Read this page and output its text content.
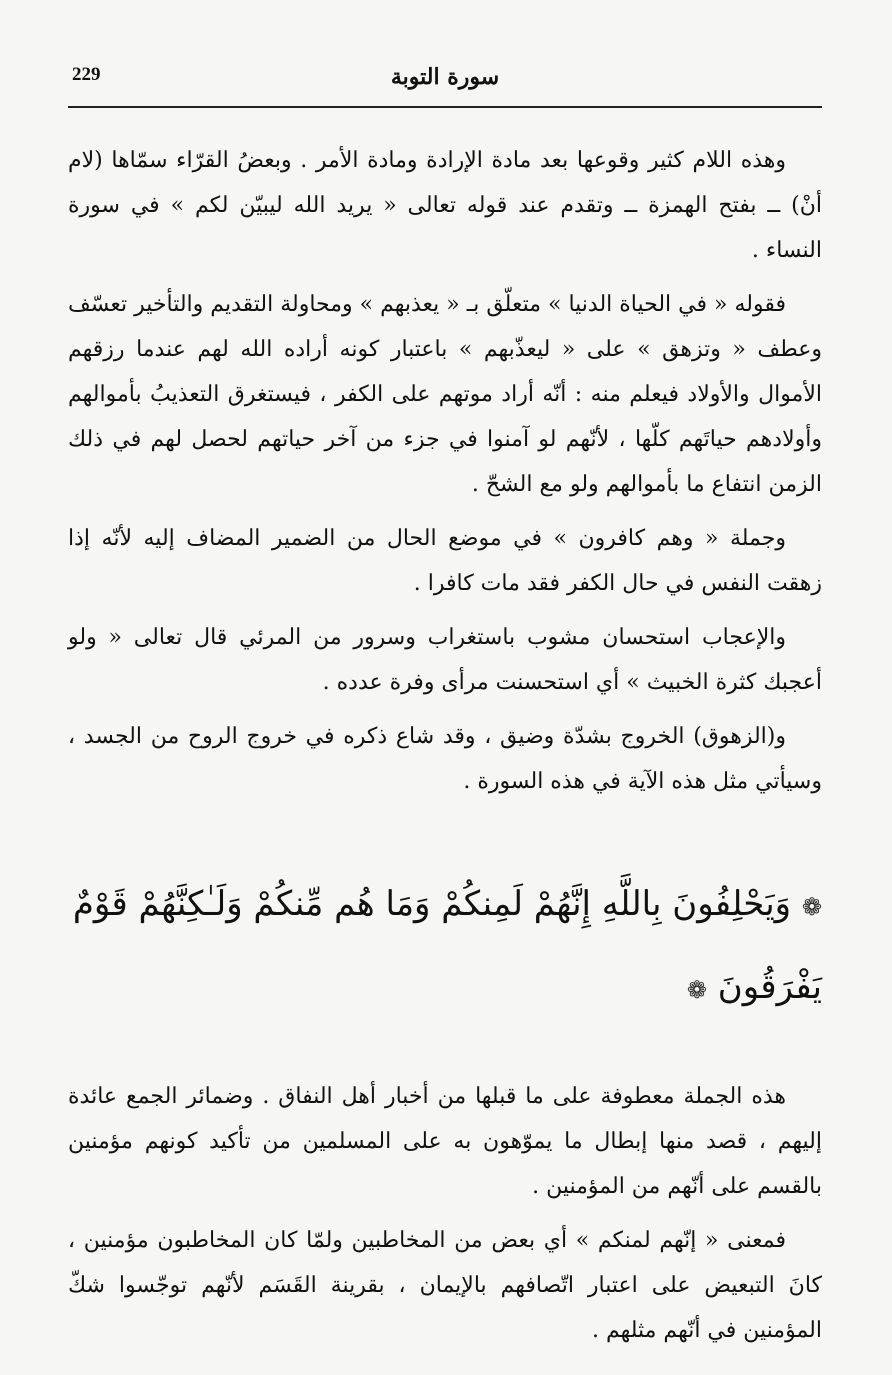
229	سورة التوبة

وهذه اللام كثير وقوعها بعد مادة الإرادة ومادة الأمر . وبعضُ القرّاء سمّاها (لام أنْ) ــ بفتح الهمزة ــ وتقدم عند قوله تعالى « يريد الله ليبيّن لكم » في سورة النساء .

فقوله « في الحياة الدنيا » متعلّق بـ « يعذبهم » ومحاولة التقديم والتأخير تعسّف وعطف « وتزهق » على « ليعذّبهم » باعتبار كونه أراده الله لهم عندما رزقهم الأموال والأولاد فيعلم منه : أنّه أراد موتهم على الكفر ، فيستغرق التعذيبُ بأموالهم وأولادهم حياتَهم كلّها ، لأنّهم لو آمنوا في جزء من آخر حياتهم لحصل لهم في ذلك الزمن انتفاع ما بأموالهم ولو مع الشحّ .

وجملة « وهم كافرون » في موضع الحال من الضمير المضاف إليه لأنّه إذا زهقت النفس في حال الكفر فقد مات كافرا .

والإعجاب استحسان مشوب باستغراب وسرور من المرئي قال تعالى « ولو أعجبك كثرة الخبيث » أي استحسنت مرأى وفرة عدده .

و(الزهوق) الخروج بشدّة وضيق ، وقد شاع ذكره في خروج الروح من الجسد ، وسيأتي مثل هذه الآية في هذه السورة .

❁ وَيَحْلِفُونَ بِاللَّهِ إِنَّهُمْ لَمِنكُمْ وَمَا هُم مِّنكُمْ وَلَـٰكِنَّهُمْ قَوْمٌ يَفْرَقُونَ ❁

هذه الجملة معطوفة على ما قبلها من أخبار أهل النفاق . وضمائر الجمع عائدة إليهم ، قصد منها إبطال ما يموّهون به على المسلمين من تأكيد كونهم مؤمنين بالقسم على أنّهم من المؤمنين .

فمعنى « إنّهم لمنكم » أي بعض من المخاطبين ولمّا كان المخاطبون مؤمنين ، كانَ التبعيض على اعتبار اتّصافهم بالإيمان ، بقرينة القَسَم لأنّهم توجّسوا شكّ المؤمنين في أنّهم مثلهم .
